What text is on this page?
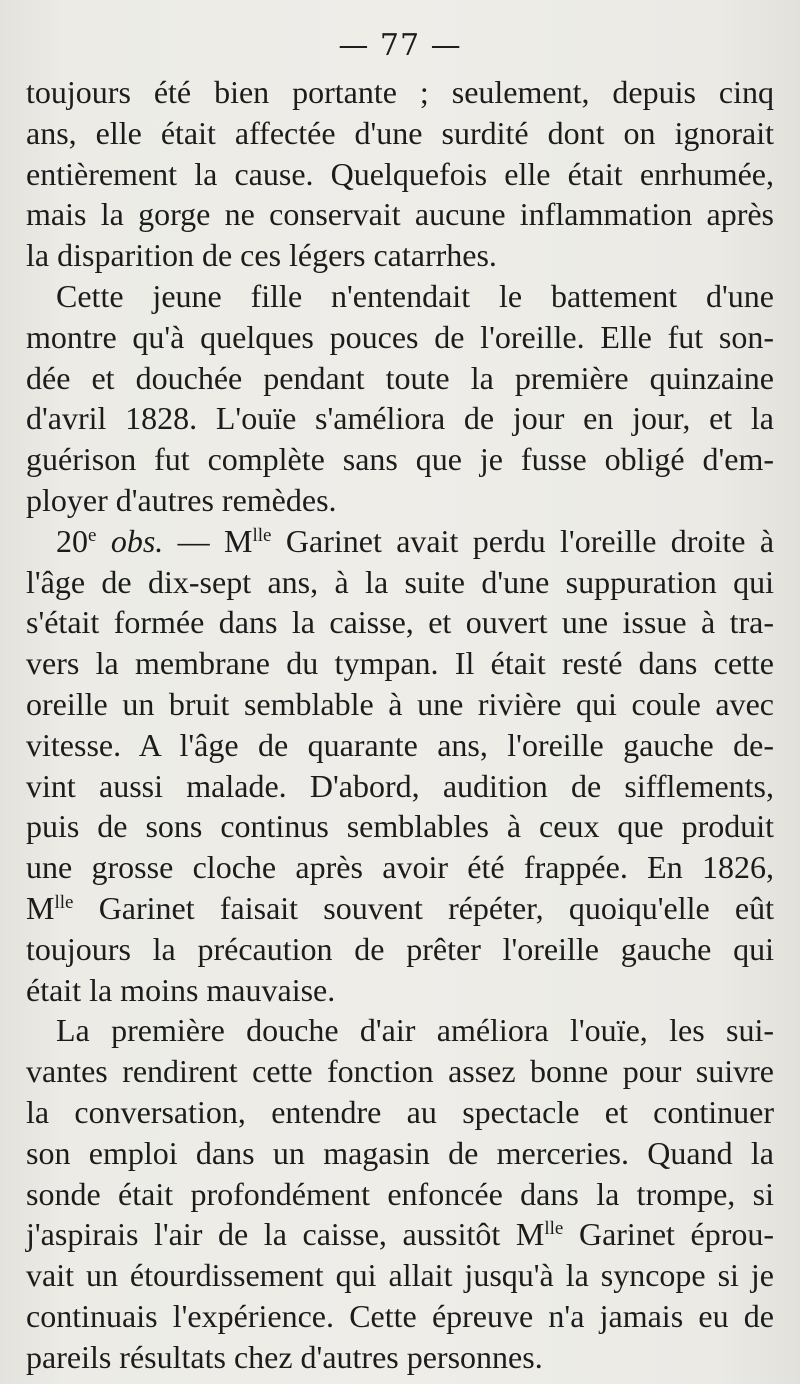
— 77 —
toujours été bien portante ; seulement, depuis cinq
ans, elle était affectée d'une surdité dont on ignorait
entièrement la cause. Quelquefois elle était enrhumée,
mais la gorge ne conservait aucune inflammation après
la disparition de ces légers catarrhes.
Cette jeune fille n'entendait le battement d'une
montre qu'à quelques pouces de l'oreille. Elle fut son-
dée et douchée pendant toute la première quinzaine
d'avril 1828. L'ouïe s'améliora de jour en jour, et la
guérison fut complète sans que je fusse obligé d'em-
ployer d'autres remèdes.
20e obs. — $M^{lle}$ Garinet avait perdu l'oreille droite à
l'âge de dix-sept ans, à la suite d'une suppuration qui
s'était formée dans la caisse, et ouvert une issue à tra-
vers la membrane du tympan. Il était resté dans cette
oreille un bruit semblable à une rivière qui coule avec
vitesse. A l'âge de quarante ans, l'oreille gauche de-
vint aussi malade. D'abord, audition de sifflements,
puis de sons continus semblables à ceux que produit
une grosse cloche après avoir été frappée. En 1826,
$M^{lle}$ Garinet faisait souvent répéter, quoiqu'elle eût
toujours la précaution de prêter l'oreille gauche qui
était la moins mauvaise.
La première douche d'air améliora l'ouïe, les sui-
vantes rendirent cette fonction assez bonne pour suivre
la conversation, entendre au spectacle et continuer
son emploi dans un magasin de merceries. Quand la
sonde était profondément enfoncée dans la trompe, si
j'aspirais l'air de la caisse, aussitôt $M^{lle}$ Garinet éprou-
vait un étourdissement qui allait jusqu'à la syncope si je
continuais l'expérience. Cette épreuve n'a jamais eu de
pareils résultats chez d'autres personnes.
